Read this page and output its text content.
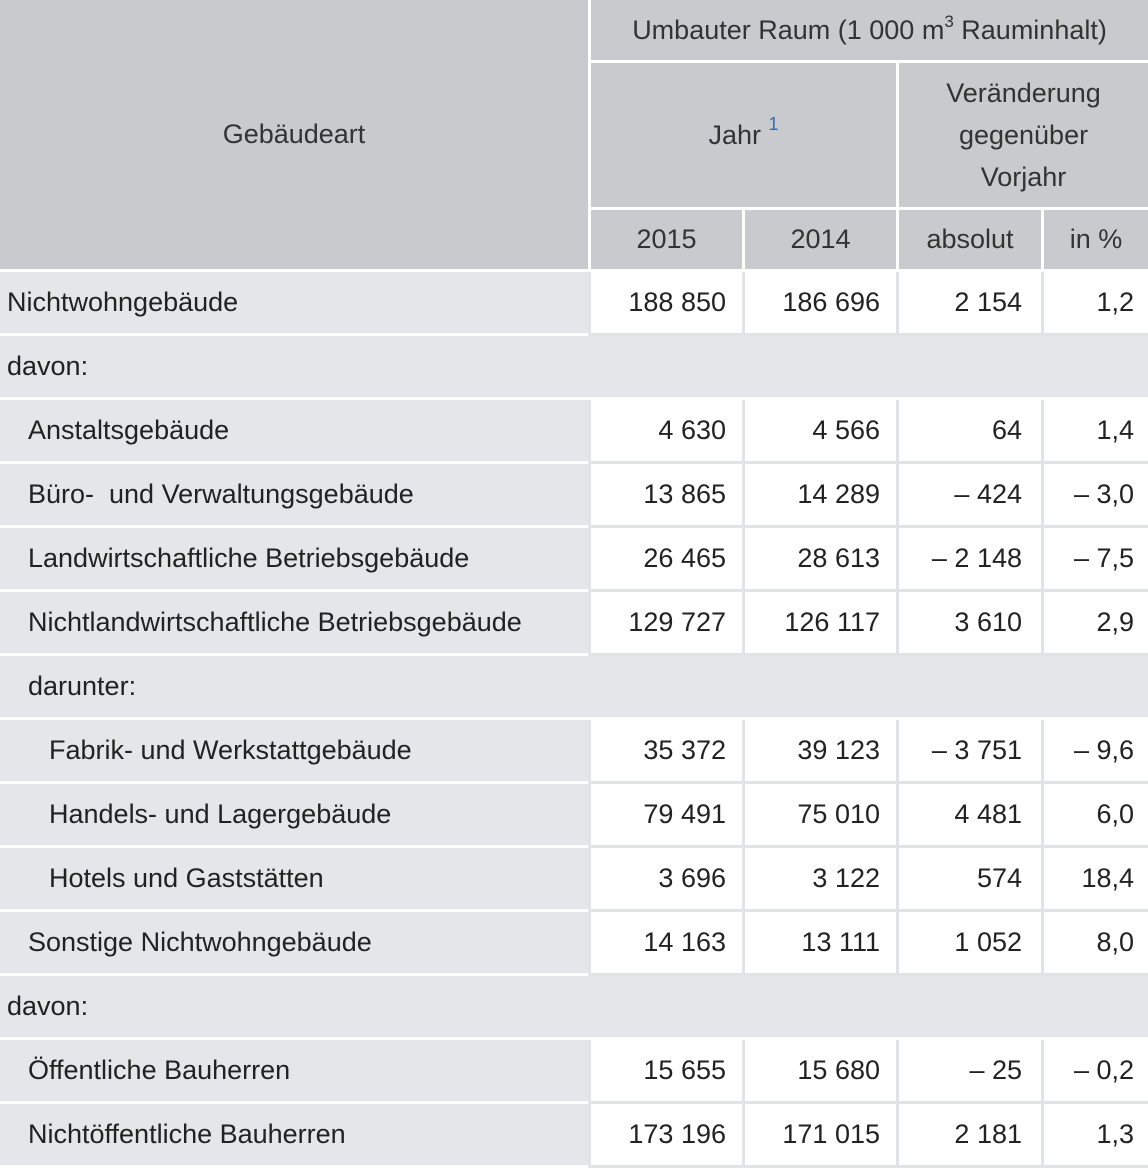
Gebäudeart	Umbauter Raum (1 000 $m^3$ Rauminhalt)			
	Jahr $^1$		Veränderung
gegenüber
Vorjahr	
	2015	2014	absolut	in %
Nichtwohngebäude	188 850	186 696	2 154	1,2
davon:				
Anstaltsgebäude	4 630	4 566	64	1,4
Büro-  und Verwaltungsgebäude	13 865	14 289	– 424	– 3,0
Landwirtschaftliche Betriebsgebäude	26 465	28 613	– 2 148	– 7,5
Nichtlandwirtschaftliche Betriebsgebäude	129 727	126 117	3 610	2,9
darunter:				
Fabrik- und Werkstattgebäude	35 372	39 123	– 3 751	– 9,6
Handels- und Lagergebäude	79 491	75 010	4 481	6,0
Hotels und Gaststätten	3 696	3 122	574	18,4
Sonstige Nichtwohngebäude	14 163	13 111	1 052	8,0
davon:				
Öffentliche Bauherren	15 655	15 680	– 25	– 0,2
Nichtöffentliche Bauherren	173 196	171 015	2 181	1,3
